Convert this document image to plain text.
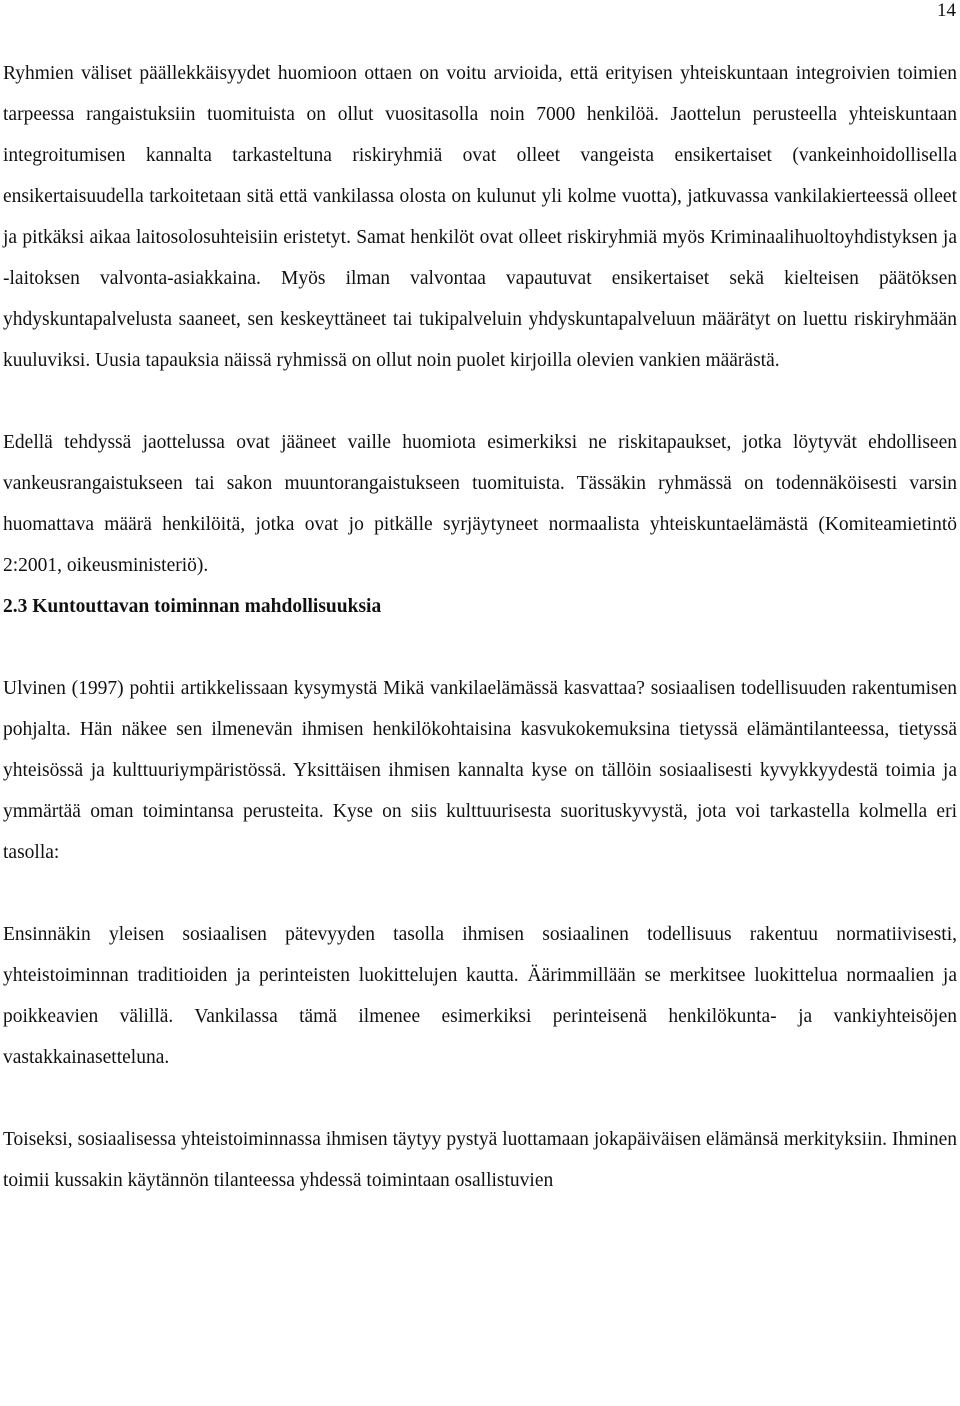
14

Ryhmien väliset päällekkäisyydet huomioon ottaen on voitu arvioida, että erityisen yhteiskuntaan integroivien toimien tarpeessa rangaistuksiin tuomituista on ollut vuositasolla noin 7000 henkilöä. Jaottelun perusteella yhteiskuntaan integroitumisen kannalta tarkasteltuna riskiryhmiä ovat olleet vangeista ensikertaiset (vankeinhoidollisella ensikertaisuudella tarkoitetaan sitä että vankilassa olosta on kulunut yli kolme vuotta), jatkuvassa vankilakierteessä olleet ja pitkäksi aikaa laitosolosuhteisiin eristetyt. Samat henkilöt ovat olleet riskiryhmiä myös Kriminaalihuoltoyhdistyksen ja -laitoksen valvonta-asiakkaina. Myös ilman valvontaa vapautuvat ensikertaiset sekä kielteisen päätöksen yhdyskuntapalvelusta saaneet, sen keskeyttäneet tai tukipalveluin yhdyskuntapalveluun määrätyt on luettu riskiryhmään kuuluviksi. Uusia tapauksia näissä ryhmissä on ollut noin puolet kirjoilla olevien vankien määrästä.

Edellä tehdyssä jaottelussa ovat jääneet vaille huomiota esimerkiksi ne riskitapaukset, jotka löytyvät ehdolliseen vankeusrangaistukseen tai sakon muuntorangaistukseen tuomituista. Tässäkin ryhmässä on todennäköisesti varsin huomattava määrä henkilöitä, jotka ovat jo pitkälle syrjäytyneet normaalista yhteiskuntaelämästä (Komiteamietintö 2:2001, oikeusministeriö).

2.3 Kuntouttavan toiminnan mahdollisuuksia

Ulvinen (1997) pohtii artikkelissaan kysymystä Mikä vankilaelämässä kasvattaa? sosiaalisen todellisuuden rakentumisen pohjalta. Hän näkee sen ilmenevän ihmisen henkilökohtaisina kasvukokemuksina tietyssä elämäntilanteessa, tietyssä yhteisössä ja kulttuuriympäristössä. Yksittäisen ihmisen kannalta kyse on tällöin sosiaalisesti kyvykkyydestä toimia ja ymmärtää oman toimintansa perusteita. Kyse on siis kulttuurisesta suorituskyvystä, jota voi tarkastella kolmella eri tasolla:

Ensinnäkin yleisen sosiaalisen pätevyyden tasolla ihmisen sosiaalinen todellisuus rakentuu normatiivisesti, yhteistoiminnan traditioiden ja perinteisten luokittelujen kautta. Äärimmillään se merkitsee luokittelua normaalien ja poikkeavien välillä. Vankilassa tämä ilmenee esimerkiksi perinteisenä henkilökunta- ja vankiyhteisöjen vastakkainasetteluna.

Toiseksi, sosiaalisessa yhteistoiminnassa ihmisen täytyy pystyä luottamaan jokapäiväisen elämänsä merkityksiin. Ihminen toimii kussakin käytännön tilanteessa yhdessä toimintaan osallistuvien
